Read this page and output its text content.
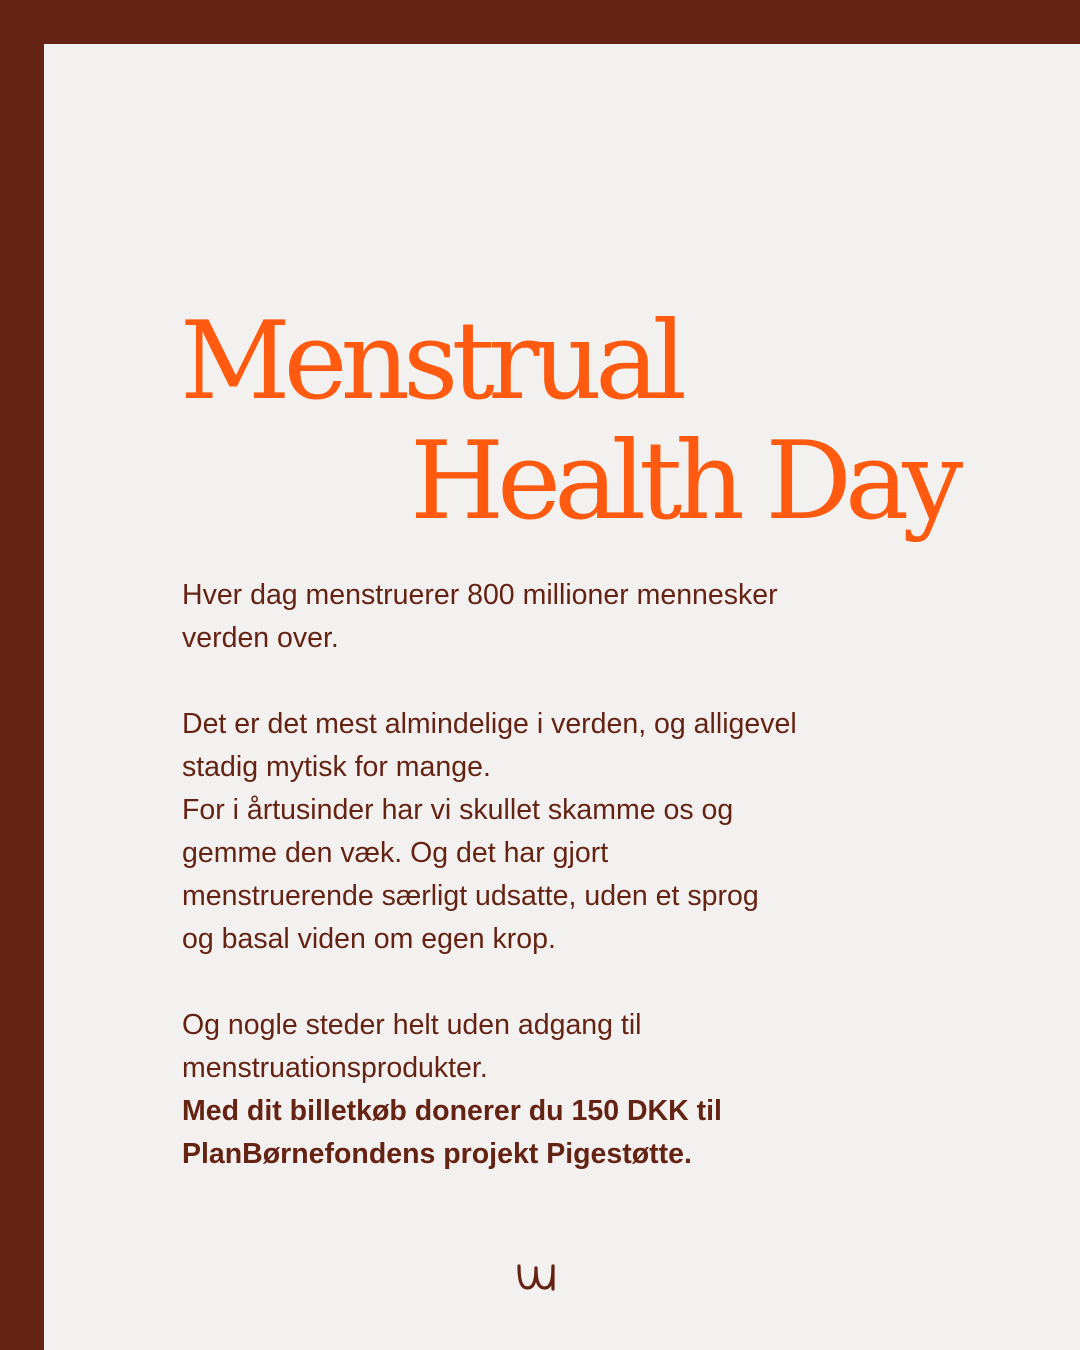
Menstrual
Health Day

Hver dag menstruerer 800 millioner mennesker

verden over.

Det er det mest almindelige i verden, og alligevel

stadig mytisk for mange.

For i årtusinder har vi skullet skamme os og

gemme den væk. Og det har gjort

menstruerende særligt udsatte, uden et sprog

og basal viden om egen krop.

Og nogle steder helt uden adgang til

menstruationsprodukter.

Med dit billetkøb donerer du 150 DKK til

PlanBørnefondens projekt Pigestøtte.
